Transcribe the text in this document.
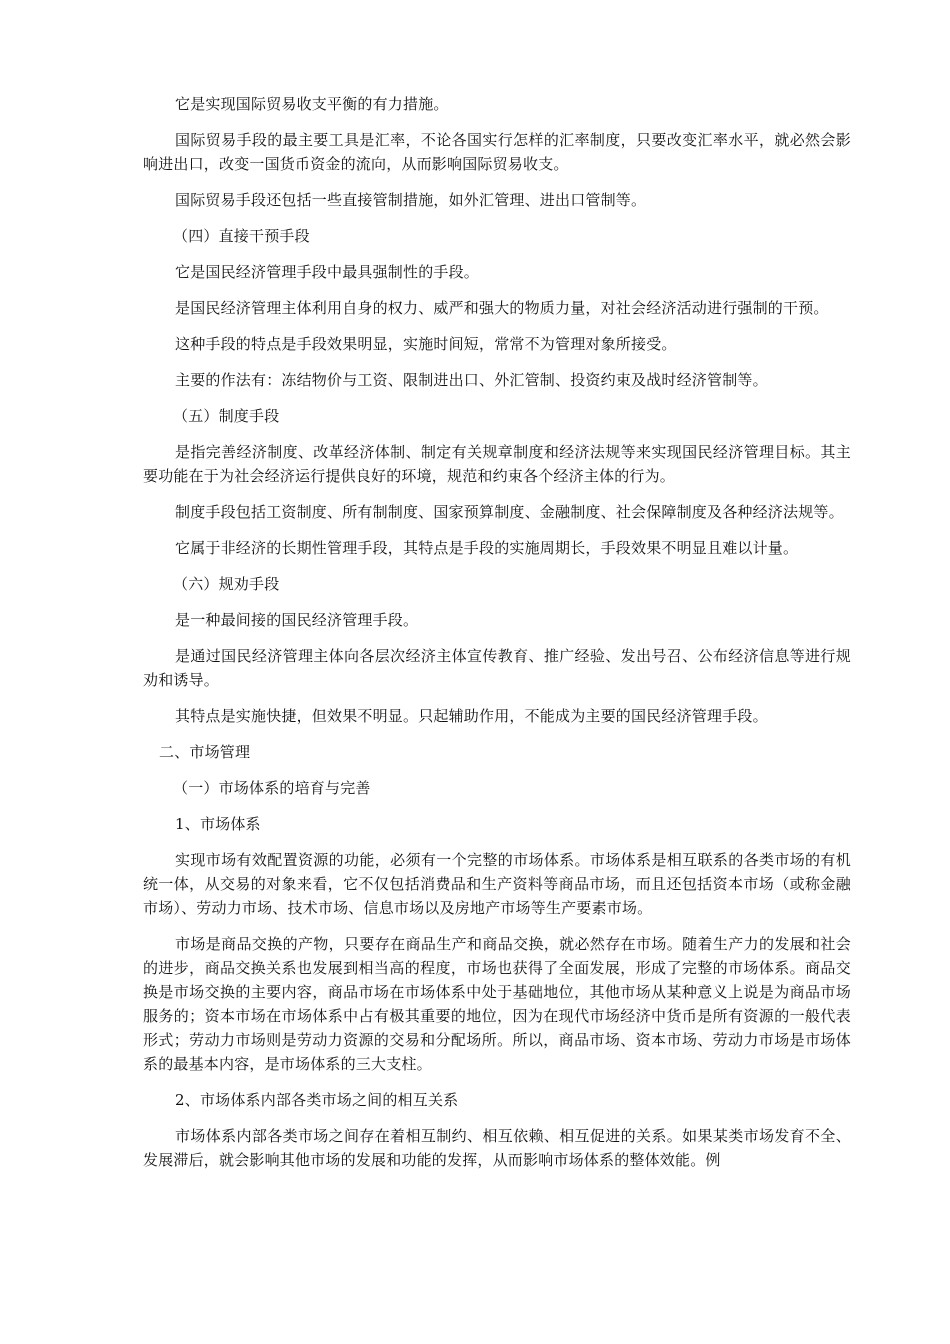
它是实现国际贸易收支平衡的有力措施。

国际贸易手段的最主要工具是汇率，不论各国实行怎样的汇率制度，只要改变汇率水平，就必然会影响进出口，改变一国货币资金的流向，从而影响国际贸易收支。

国际贸易手段还包括一些直接管制措施，如外汇管理、进出口管制等。

（四）直接干预手段

它是国民经济管理手段中最具强制性的手段。

是国民经济管理主体利用自身的权力、威严和强大的物质力量，对社会经济活动进行强制的干预。

这种手段的特点是手段效果明显，实施时间短，常常不为管理对象所接受。

主要的作法有：冻结物价与工资、限制进出口、外汇管制、投资约束及战时经济管制等。

（五）制度手段

是指完善经济制度、改革经济体制、制定有关规章制度和经济法规等来实现国民经济管理目标。其主要功能在于为社会经济运行提供良好的环境，规范和约束各个经济主体的行为。

制度手段包括工资制度、所有制制度、国家预算制度、金融制度、社会保障制度及各种经济法规等。

它属于非经济的长期性管理手段，其特点是手段的实施周期长，手段效果不明显且难以计量。

（六）规劝手段

是一种最间接的国民经济管理手段。

是通过国民经济管理主体向各层次经济主体宣传教育、推广经验、发出号召、公布经济信息等进行规劝和诱导。

其特点是实施快捷，但效果不明显。只起辅助作用，不能成为主要的国民经济管理手段。

二、市场管理

（一）市场体系的培育与完善

1、市场体系

实现市场有效配置资源的功能，必须有一个完整的市场体系。市场体系是相互联系的各类市场的有机统一体，从交易的对象来看，它不仅包括消费品和生产资料等商品市场，而且还包括资本市场（或称金融市场）、劳动力市场、技术市场、信息市场以及房地产市场等生产要素市场。

市场是商品交换的产物，只要存在商品生产和商品交换，就必然存在市场。随着生产力的发展和社会的进步，商品交换关系也发展到相当高的程度，市场也获得了全面发展，形成了完整的市场体系。商品交换是市场交换的主要内容，商品市场在市场体系中处于基础地位，其他市场从某种意义上说是为商品市场服务的；资本市场在市场体系中占有极其重要的地位，因为在现代市场经济中货币是所有资源的一般代表形式；劳动力市场则是劳动力资源的交易和分配场所。所以，商品市场、资本市场、劳动力市场是市场体系的最基本内容，是市场体系的三大支柱。

2、市场体系内部各类市场之间的相互关系

市场体系内部各类市场之间存在着相互制约、相互依赖、相互促进的关系。如果某类市场发育不全、发展滞后，就会影响其他市场的发展和功能的发挥，从而影响市场体系的整体效能。例
